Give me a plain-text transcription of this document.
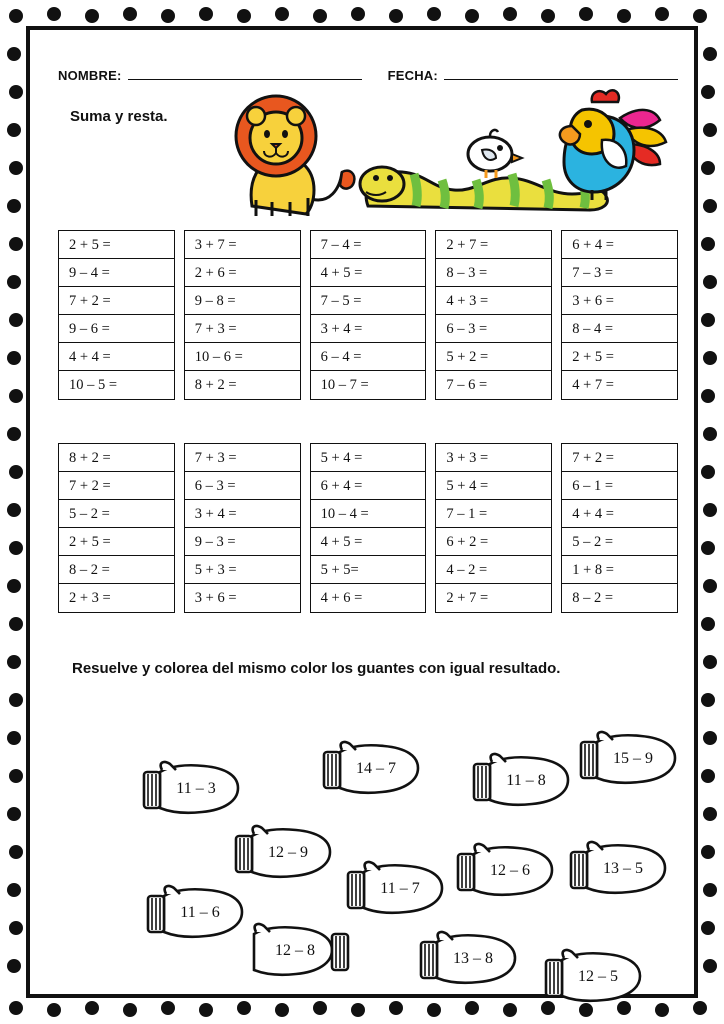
NOMBRE:	FECHA:
Suma y resta.
2 + 5 =
9 – 4 =
7 + 2 =
9 – 6 =
4 + 4 =
10 – 5 =
3 + 7 =
2 + 6 =
9 – 8 =
7 + 3 =
10 – 6 =
8 + 2 =
7 – 4 =
4 + 5 =
7 – 5 =
3 + 4 =
6 – 4 =
10 – 7 =
2 + 7 =
8 – 3 =
4 + 3 =
6 – 3 =
5 + 2 =
7 – 6 =
6 + 4 =
7 – 3 =
3 + 6 =
8 – 4 =
2 + 5 =
4 + 7 =
8 + 2 =
7 + 2 =
5 – 2 =
2 + 5 =
8 – 2 =
2 + 3 =
7 + 3 =
6 – 3 =
3 + 4 =
9 – 3 =
5 + 3 =
3 + 6 =
5 + 4 =
6 + 4 =
10 – 4 =
4 + 5 =
5 + 5=
4 + 6 =
3 + 3 =
5 + 4 =
7 – 1 =
6 + 2 =
4 – 2 =
2 + 7 =
7 + 2 =
6 – 1 =
4 + 4 =
5 – 2 =
1 + 8 =
8 – 2 =
Resuelve y colorea del mismo color los guantes con igual resultado.
11 – 3
14 – 7
11 – 8
15 – 9
12 – 9
11 – 7
12 – 6	13 – 5
11 – 6
12 – 8	13 – 8
12 – 5
